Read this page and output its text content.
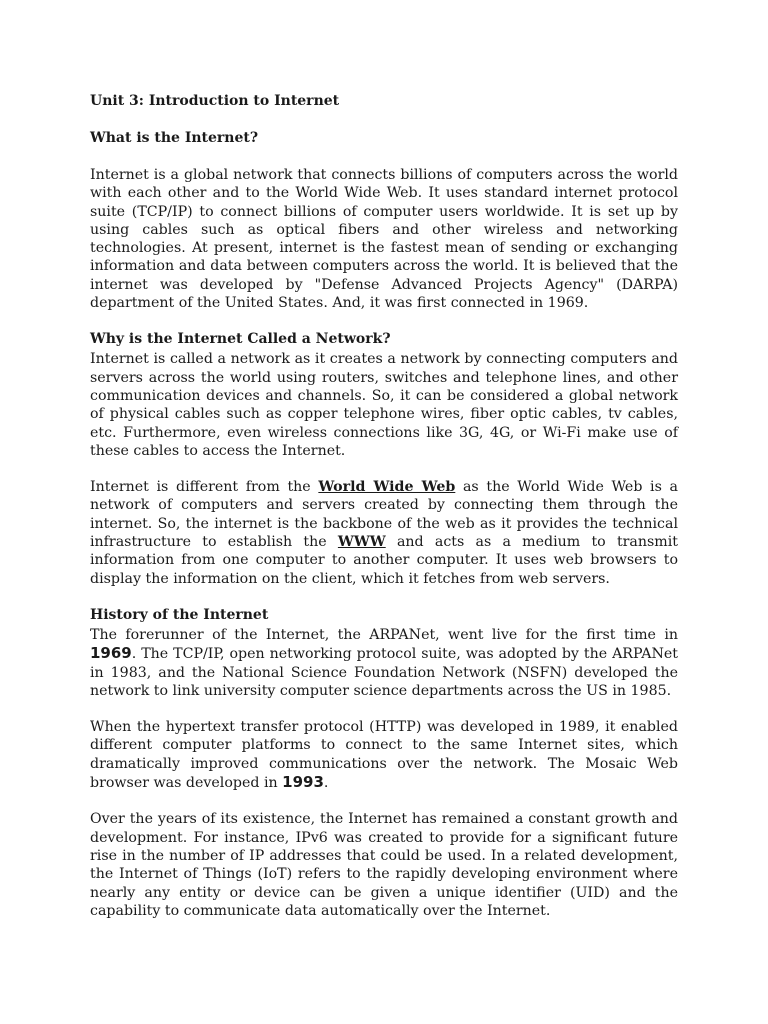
Unit 3: Introduction to Internet

What is the Internet?

Internet is a global network that connects billions of computers across the world with each other and to the World Wide Web. It uses standard internet protocol suite (TCP/IP) to connect billions of computer users worldwide. It is set up by using cables such as optical fibers and other wireless and networking technologies. At present, internet is the fastest mean of sending or exchanging information and data between computers across the world. It is believed that the internet was developed by "Defense Advanced Projects Agency" (DARPA) department of the United States. And, it was first connected in 1969.

Why is the Internet Called a Network?

Internet is called a network as it creates a network by connecting computers and servers across the world using routers, switches and telephone lines, and other communication devices and channels. So, it can be considered a global network of physical cables such as copper telephone wires, fiber optic cables, tv cables, etc. Furthermore, even wireless connections like 3G, 4G, or Wi-Fi make use of these cables to access the Internet.

Internet is different from the World Wide Web as the World Wide Web is a network of computers and servers created by connecting them through the internet. So, the internet is the backbone of the web as it provides the technical infrastructure to establish the WWW and acts as a medium to transmit information from one computer to another computer. It uses web browsers to display the information on the client, which it fetches from web servers.

History of the Internet

The forerunner of the Internet, the ARPANet, went live for the first time in 1969. The TCP/IP, open networking protocol suite, was adopted by the ARPANet in 1983, and the National Science Foundation Network (NSFN) developed the network to link university computer science departments across the US in 1985.

When the hypertext transfer protocol (HTTP) was developed in 1989, it enabled different computer platforms to connect to the same Internet sites, which dramatically improved communications over the network. The Mosaic Web browser was developed in 1993.

Over the years of its existence, the Internet has remained a constant growth and development. For instance, IPv6 was created to provide for a significant future rise in the number of IP addresses that could be used. In a related development, the Internet of Things (IoT) refers to the rapidly developing environment where nearly any entity or device can be given a unique identifier (UID) and the capability to communicate data automatically over the Internet.
